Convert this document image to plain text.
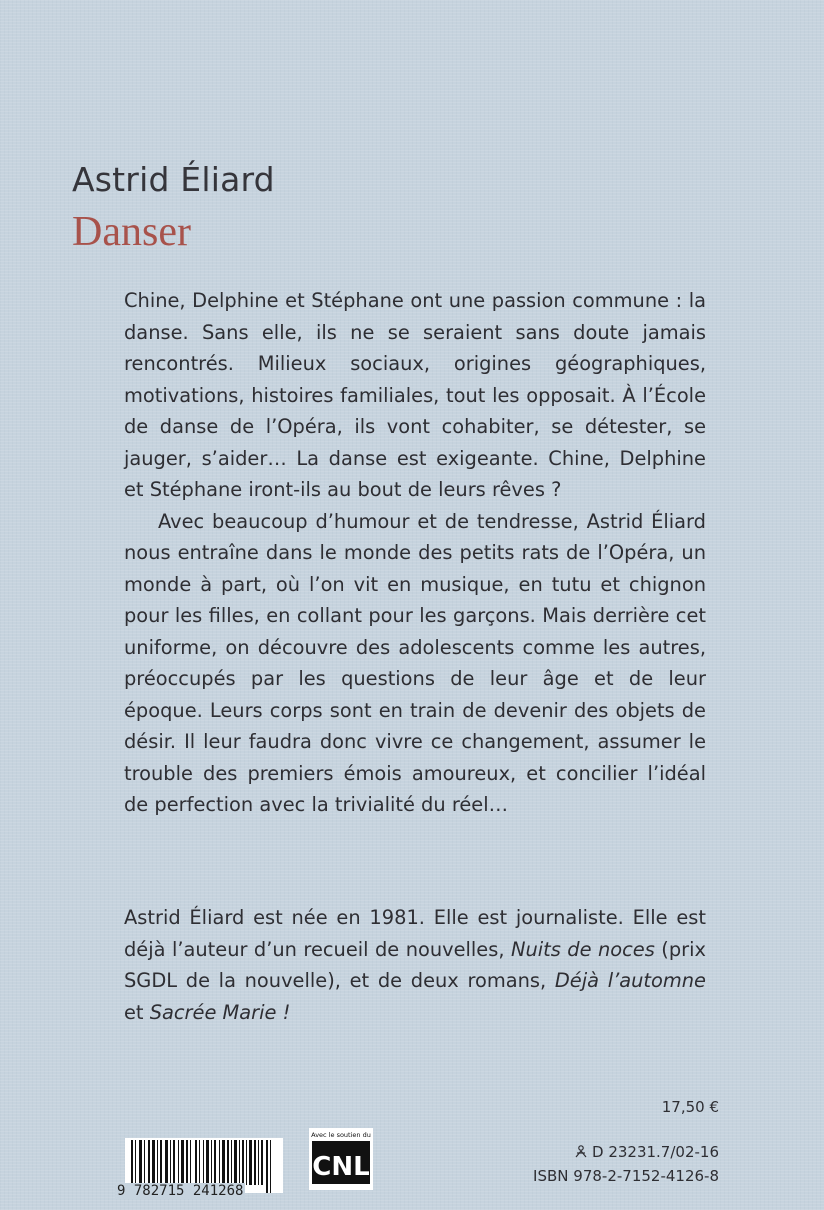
Astrid Éliard
Danser

Chine, Delphine et Stéphane ont une passion commune : la danse. Sans elle, ils ne se seraient sans doute jamais rencontrés. Milieux sociaux, origines géographiques, motivations, histoires familiales, tout les opposait. À l’École de danse de l’Opéra, ils vont cohabiter, se détester, se jauger, s’aider… La danse est exigeante. Chine, Delphine et Stéphane iront-ils au bout de leurs rêves ?

Avec beaucoup d’humour et de tendresse, Astrid Éliard nous entraîne dans le monde des petits rats de l’Opéra, un monde à part, où l’on vit en musique, en tutu et chignon pour les filles, en collant pour les garçons. Mais derrière cet uniforme, on découvre des adolescents comme les autres, préoccupés par les questions de leur âge et de leur époque. Leurs corps sont en train de devenir des objets de désir. Il leur faudra donc vivre ce changement, assumer le trouble des premiers émois amoureux, et concilier l’idéal de perfection avec la trivialité du réel…

Astrid Éliard est née en 1981. Elle est journaliste. Elle est déjà l’auteur d’un recueil de nouvelles, Nuits de noces (prix SGDL de la nouvelle), et de deux romans, Déjà l’automne et Sacrée Marie !

9 782715 241268
Avec le soutien du
CNL
17,50 €
D 23231.7/02-16
ISBN 978-2-7152-4126-8
